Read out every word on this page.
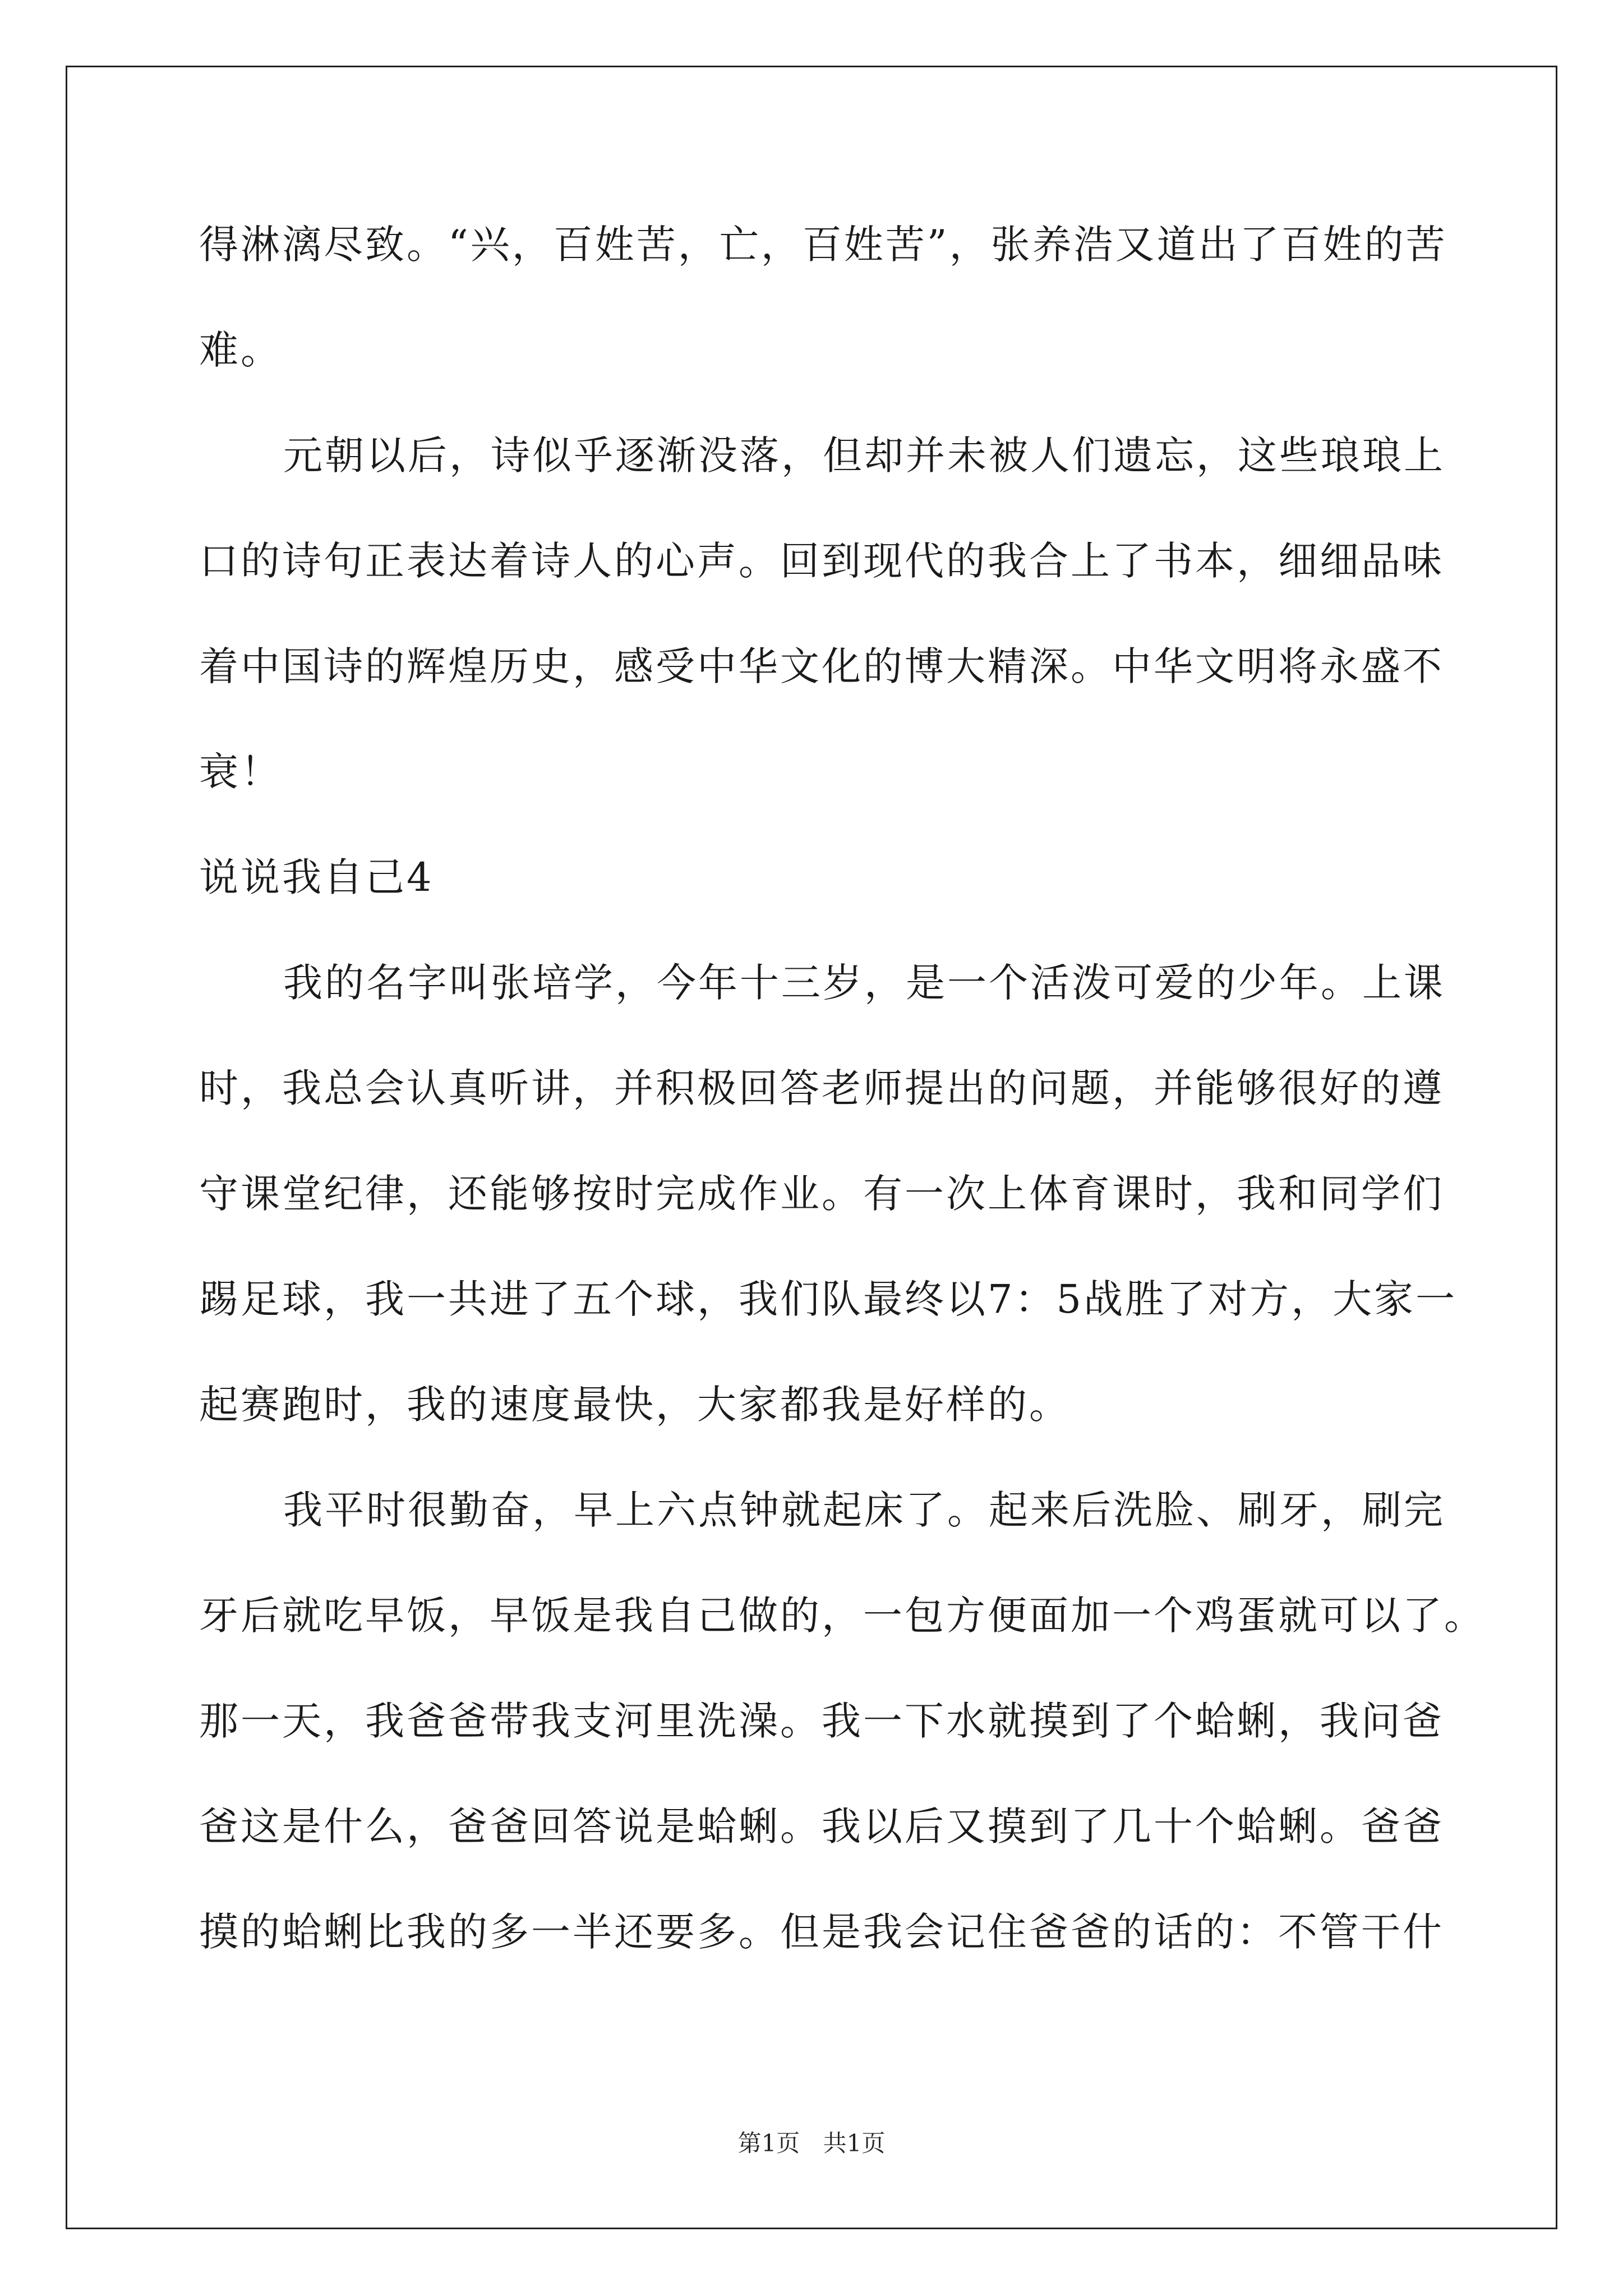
得淋漓尽致。“兴，百姓苦，亡，百姓苦”，张养浩又道出了百姓的苦
难。
元朝以后，诗似乎逐渐没落，但却并未被人们遗忘，这些琅琅上
口的诗句正表达着诗人的心声。回到现代的我合上了书本，细细品味
着中国诗的辉煌历史，感受中华文化的博大精深。中华文明将永盛不
衰！
说说我自己4
我的名字叫张培学，今年十三岁，是一个活泼可爱的少年。上课
时，我总会认真听讲，并积极回答老师提出的问题，并能够很好的遵
守课堂纪律，还能够按时完成作业。有一次上体育课时，我和同学们
踢足球，我一共进了五个球，我们队最终以7：5战胜了对方，大家一
起赛跑时，我的速度最快，大家都我是好样的。
我平时很勤奋，早上六点钟就起床了。起来后洗脸、刷牙，刷完
牙后就吃早饭，早饭是我自己做的，一包方便面加一个鸡蛋就可以了。
那一天，我爸爸带我支河里洗澡。我一下水就摸到了个蛤蜊，我问爸
爸这是什么，爸爸回答说是蛤蜊。我以后又摸到了几十个蛤蜊。爸爸
摸的蛤蜊比我的多一半还要多。但是我会记住爸爸的话的：不管干什
第1页 共1页
